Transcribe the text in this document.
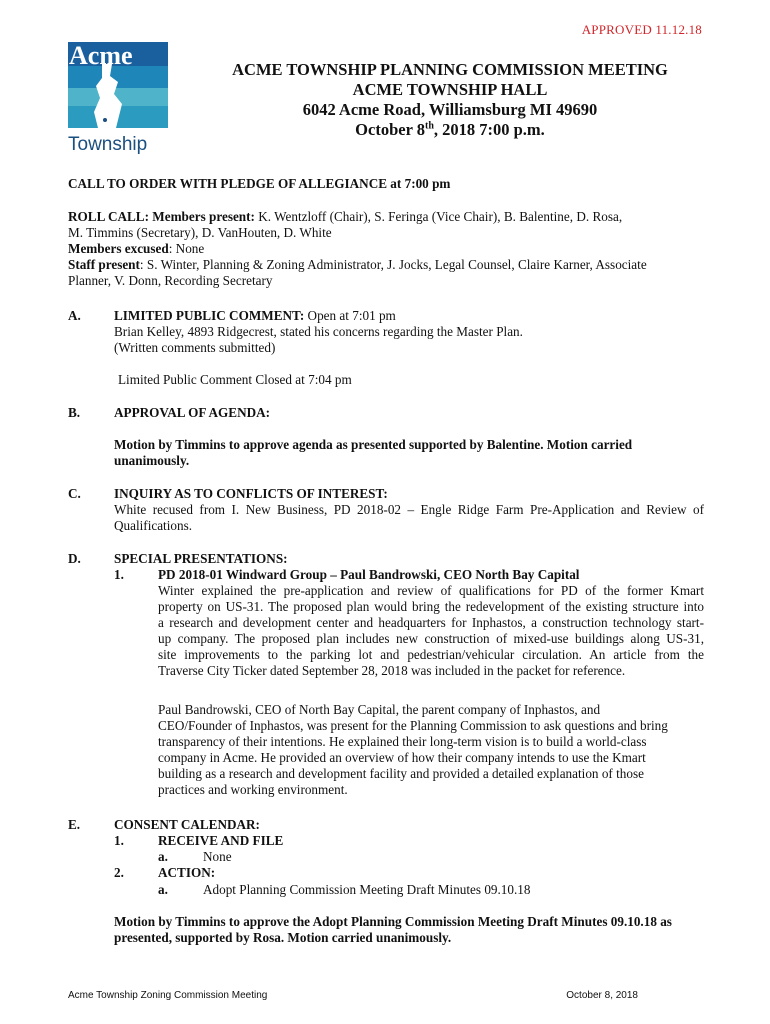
APPROVED 11.12.18
Acme
Township
ACME TOWNSHIP PLANNING COMMISSION MEETING
ACME TOWNSHIP HALL
6042 Acme Road, Williamsburg MI 49690
October 8th, 2018 7:00 p.m.
CALL TO ORDER WITH PLEDGE OF ALLEGIANCE at 7:00 pm
ROLL CALL: Members present: K. Wentzloff (Chair), S. Feringa (Vice Chair), B. Balentine, D. Rosa,
M. Timmins (Secretary), D. VanHouten, D. White
Members excused: None
Staff present: S. Winter, Planning & Zoning Administrator, J. Jocks, Legal Counsel, Claire Karner, Associate
Planner, V. Donn, Recording Secretary
A.	LIMITED PUBLIC COMMENT: Open at 7:01 pm
Brian Kelley, 4893 Ridgecrest, stated his concerns regarding the Master Plan.
(Written comments submitted)
Limited Public Comment Closed at 7:04 pm
B.	APPROVAL OF AGENDA:
Motion by Timmins to approve agenda as presented supported by Balentine. Motion carried
unanimously.
C.	INQUIRY AS TO CONFLICTS OF INTEREST:
White recused from I. New Business, PD 2018-02 – Engle Ridge Farm Pre-Application and Review of
Qualifications.
D.	SPECIAL PRESENTATIONS:
1.	PD 2018-01 Windward Group – Paul Bandrowski, CEO North Bay Capital
Winter explained the pre-application and review of qualifications for PD of the former Kmart
property on US-31. The proposed plan would bring the redevelopment of the existing structure into
a research and development center and headquarters for Inphastos, a construction technology start-
up company. The proposed plan includes new construction of mixed-use buildings along US-31,
site improvements to the parking lot and pedestrian/vehicular circulation. An article from the
Traverse City Ticker dated September 28, 2018 was included in the packet for reference.
Paul Bandrowski, CEO of North Bay Capital, the parent company of Inphastos, and
CEO/Founder of Inphastos, was present for the Planning Commission to ask questions and bring
transparency of their intentions. He explained their long-term vision is to build a world-class
company in Acme. He provided an overview of how their company intends to use the Kmart
building as a research and development facility and provided a detailed explanation of those
practices and working environment.
E.	CONSENT CALENDAR:
1.	RECEIVE AND FILE
a.	None
2.	ACTION:
a.	Adopt Planning Commission Meeting Draft Minutes 09.10.18
Motion by Timmins to approve the Adopt Planning Commission Meeting Draft Minutes 09.10.18 as
presented, supported by Rosa. Motion carried unanimously.
Acme Township Zoning Commission Meeting	October 8, 2018
